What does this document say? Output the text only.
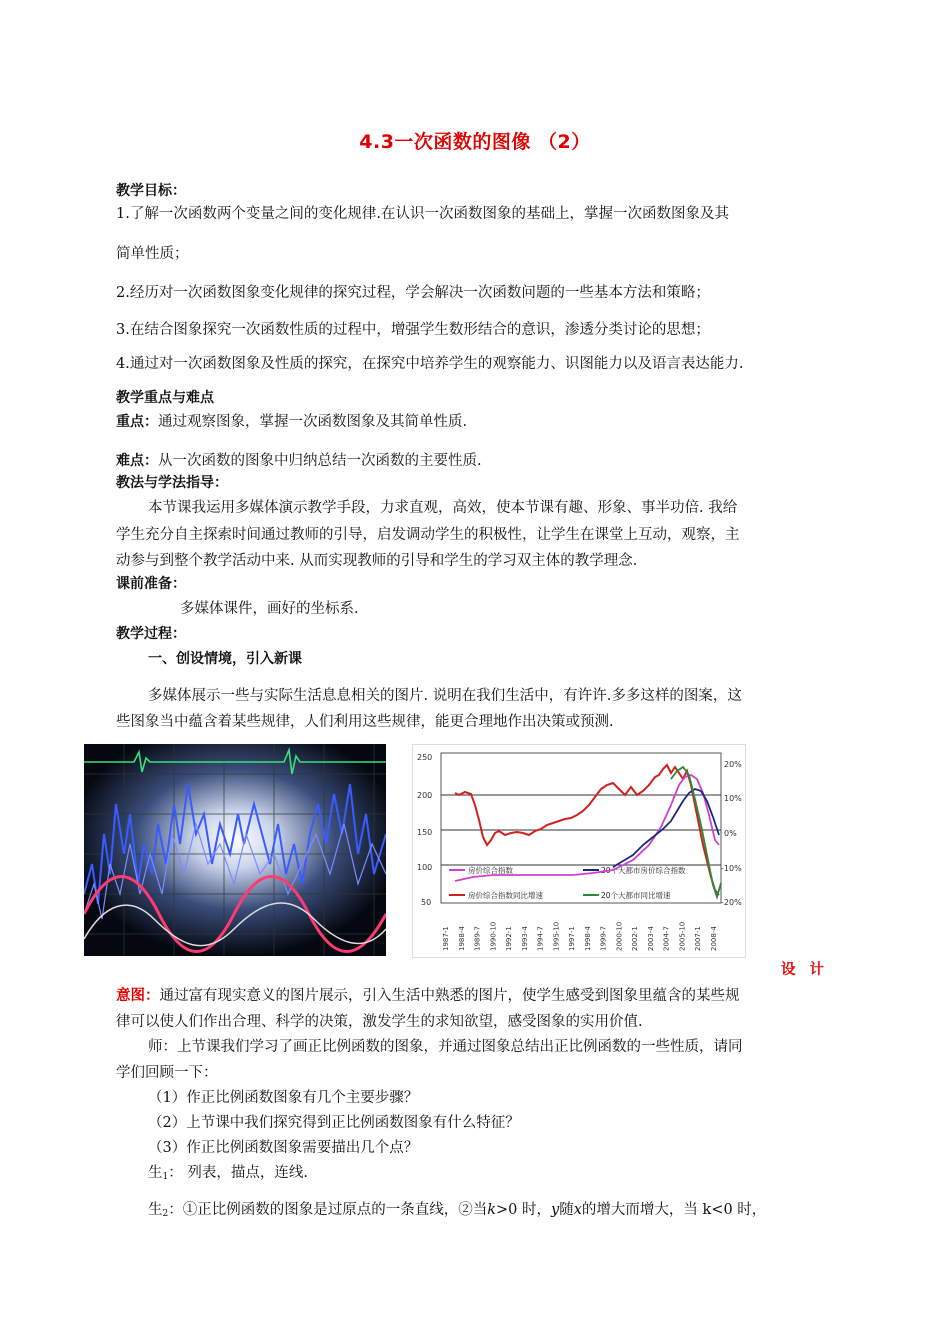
4.3一次函数的图像 （2）
教学目标：
1.了解一次函数两个变量之间的变化规律.在认识一次函数图象的基础上，掌握一次函数图象及其
简单性质；
2.经历对一次函数图象变化规律的探究过程，学会解决一次函数问题的一些基本方法和策略；
3.在结合图象探究一次函数性质的过程中，增强学生数形结合的意识，渗透分类讨论的思想；
4.通过对一次函数图象及性质的探究，在探究中培养学生的观察能力、识图能力以及语言表达能力.
教学重点与难点
重点：通过观察图象，掌握一次函数图象及其简单性质.
难点：从一次函数的图象中归纳总结一次函数的主要性质.
教法与学法指导：
本节课我运用多媒体演示教学手段，力求直观，高效，使本节课有趣、形象、事半功倍. 我给
学生充分自主探索时间通过教师的引导，启发调动学生的积极性，让学生在课堂上互动，观察，主
动参与到整个教学活动中来. 从而实现教师的引导和学生的学习双主体的教学理念.
课前准备：
多媒体课件，画好的坐标系.
教学过程：
一、创设情境，引入新课
多媒体展示一些与实际生活息息相关的图片. 说明在我们生活中，有许许.多多这样的图案，这
些图象当中蕴含着某些规律，人们利用这些规律，能更合理地作出决策或预测.
250
200
150
100
50
20%
10%
0%
-10%
-20%
房价综合指数	20个大都市房价综合指数
房价综合指数同比增速	20个大都市同比增速
1987-1 1988-4 1989-7 1990-10 1992-1 1993-4 1994-7 1995-10 1997-1 1998-4 1999-7 2000-10 2002-1 2003-4 2004-7 2005-10 2007-1 2008-4
设计
意图：通过富有现实意义的图片展示，引入生活中熟悉的图片，使学生感受到图象里蕴含的某些规
律可以使人们作出合理、科学的决策，激发学生的求知欲望，感受图象的实用价值.
师：上节课我们学习了画正比例函数的图象，并通过图象总结出正比例函数的一些性质，请同
学们回顾一下：
（1）作正比例函数图象有几个主要步骤？
（2）上节课中我们探究得到正比例函数图象有什么特征？
（3）作正比例函数图象需要描出几个点？
生$_1$： 列表，描点，连线.
生$_2$：①正比例函数的图象是过原点的一条直线，②当k>0 时，y随x的增大而增大，当 k<0 时，
